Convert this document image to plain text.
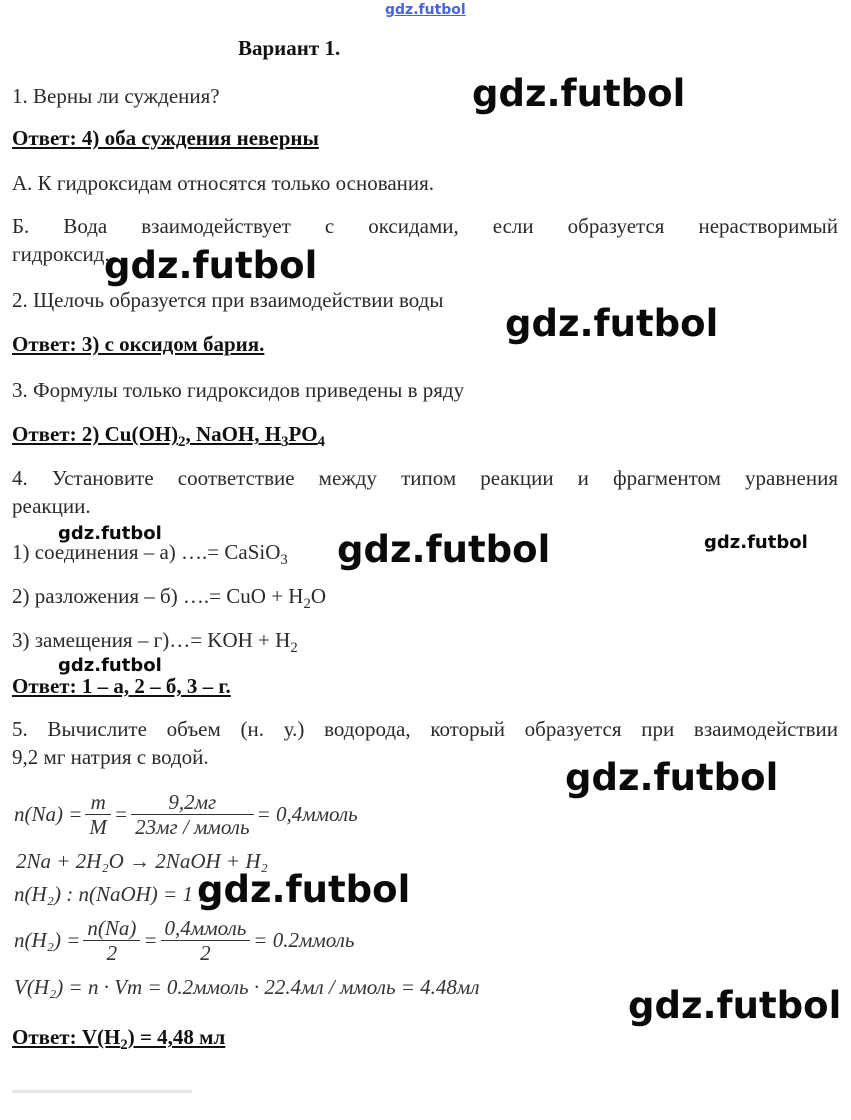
gdz.futbol
Вариант 1.
1. Верны ли суждения?
Ответ: 4) оба суждения неверны
А. К гидроксидам относятся только основания.
Б. Вода взаимодействует с оксидами, если образуется нерастворимый
гидроксид.
2. Щелочь образуется при взаимодействии воды
Ответ: 3) с оксидом бария.
3. Формулы только гидроксидов приведены в ряду
Ответ: 2) $Cu(OH)_2$, NaOH, $H_3PO_4$
4. Установите соответствие между типом реакции и фрагментом уравнения
реакции.
1) соединения – а) ….= CaSiO$_3$
2) разложения – б) ….= CuO + $H_2O$
3) замещения – г)…= KOH + $H_2$
Ответ: 1 – а, 2 – б, 3 – г.
5. Вычислите объем (н. у.) водорода, который образуется при взаимодействии
9,2 мг натрия с водой.
$n(Na) = \frac{m}{M} = \frac{9,2мг}{\text{23мг / ммоль}}$ = 0,4ммоль
2Na + 2H₂O → 2NaOH + H₂
n(H₂) : n(NaOH) = 1 : 2
$n(H_2) = \frac{n(Na)}{2} = \frac{\text{0,4ммоль}}{2}$ = 0.2ммоль
V(H₂) = n · Vm = 0.2ммоль · 22.4мл / ммоль = 4.48мл
Ответ: $V(H_2) = 4,48$ мл
gdz.futbol
gdz.futbol
gdz.futbol
gdz.futbol	gdz.futbol	gdz.futbol
gdz.futbol
gdz.futbol
gdz.futbol
gdz.futbol
